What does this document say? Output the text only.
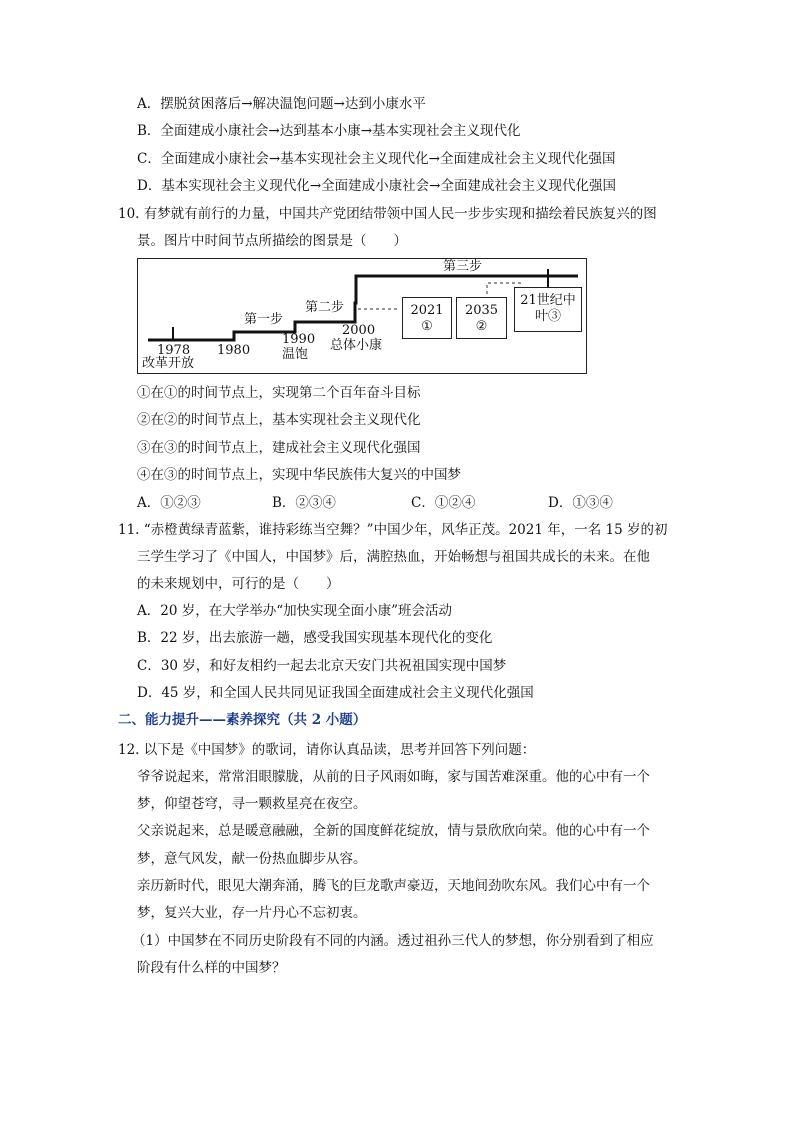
A．摆脱贫困落后→解决温饱问题→达到小康水平
B．全面建成小康社会→达到基本小康→基本实现社会主义现代化
C．全面建成小康社会→基本实现社会主义现代化→全面建成社会主义现代化强国
D．基本实现社会主义现代化→全面建成小康社会→全面建成社会主义现代化强国
10. 有梦就有前行的力量，中国共产党团结带领中国人民一步步实现和描绘着民族复兴的图
景。图片中时间节点所描绘的图景是（　　）
第一步
第二步
第三步
1978
改革开放
1980
1990
温饱
2000
总体小康
2021
①
2035
②
21世纪中
叶③
①在①的时间节点上，实现第二个百年奋斗目标
②在②的时间节点上，基本实现社会主义现代化
③在③的时间节点上，建成社会主义现代化强国
④在③的时间节点上，实现中华民族伟大复兴的中国梦
A．①②③	B．②③④	C．①②④	D．①③④
11. “赤橙黄绿青蓝紫，谁持彩练当空舞？”中国少年，风华正茂。2021 年，一名 15 岁的初
三学生学习了《中国人，中国梦》后，满腔热血，开始畅想与祖国共成长的未来。在他
的未来规划中，可行的是（　　）
A．20 岁，在大学举办“加快实现全面小康”班会活动
B．22 岁，出去旅游一趟，感受我国实现基本现代化的变化
C．30 岁，和好友相约一起去北京天安门共祝祖国实现中国梦
D．45 岁，和全国人民共同见证我国全面建成社会主义现代化强国
二、能力提升——素养探究（共 2 小题）
12. 以下是《中国梦》的歌词，请你认真品读，思考并回答下列问题：
爷爷说起来，常常泪眼朦胧，从前的日子风雨如晦，家与国苦难深重。他的心中有一个
梦，仰望苍穹，寻一颗救星亮在夜空。
父亲说起来，总是暖意融融，全新的国度鲜花绽放，情与景欣欣向荣。他的心中有一个
梦，意气风发，献一份热血脚步从容。
亲历新时代，眼见大潮奔涌，腾飞的巨龙歌声豪迈，天地间劲吹东风。我们心中有一个
梦，复兴大业，存一片丹心不忘初衷。
（1）中国梦在不同历史阶段有不同的内涵。透过祖孙三代人的梦想，你分别看到了相应
阶段有什么样的中国梦？
